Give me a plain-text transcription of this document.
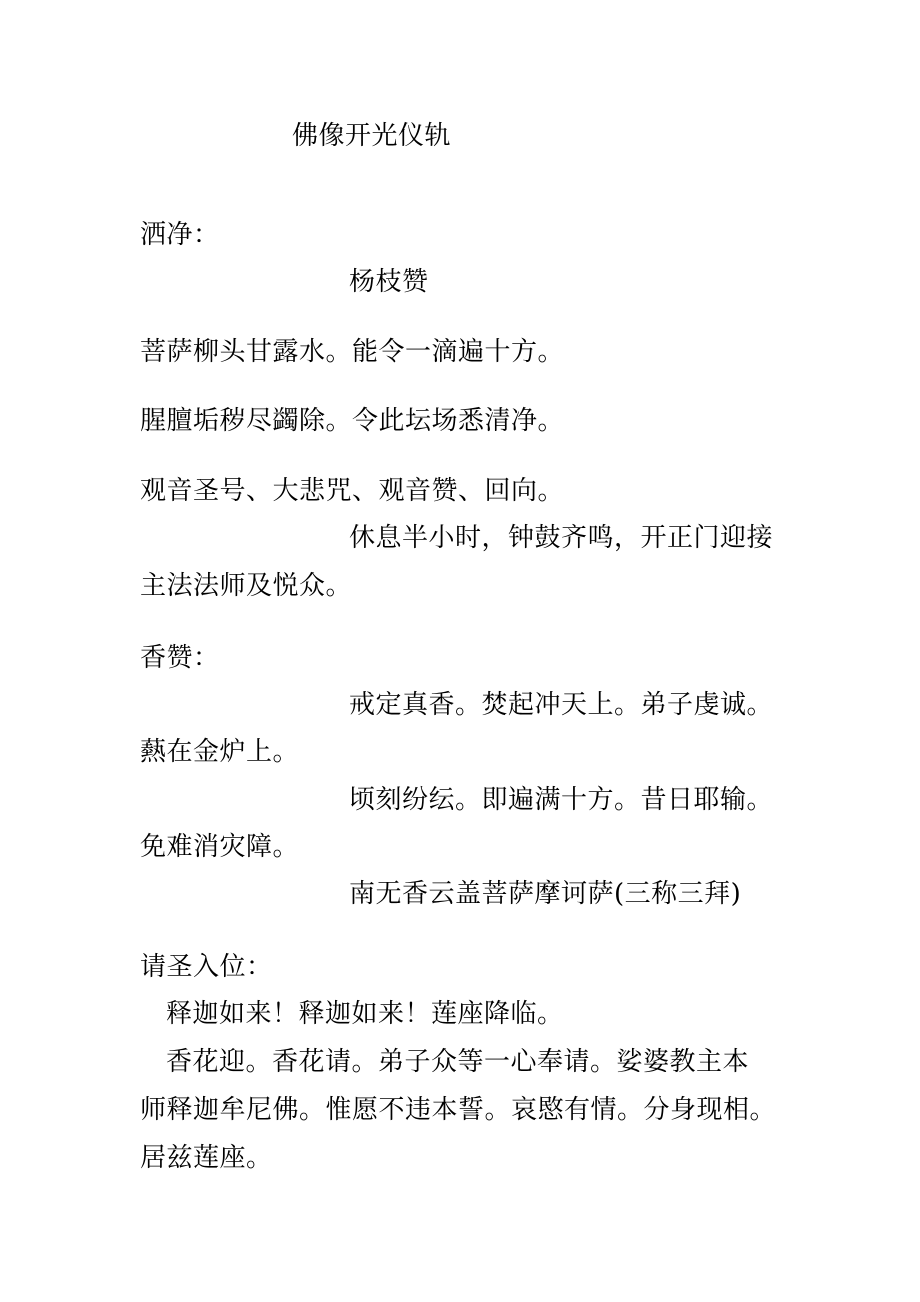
佛像开光仪轨
洒净：
杨枝赞
菩萨柳头甘露水。能令一滴遍十方。
腥膻垢秽尽蠲除。令此坛场悉清净。
观音圣号、大悲咒、观音赞、回向。
休息半小时，钟鼓齐鸣，开正门迎接
主法法师及悦众。
香赞：
戒定真香。焚起冲天上。弟子虔诚。
爇在金炉上。
顷刻纷纭。即遍满十方。昔日耶输。
免难消灾障。
南无香云盖菩萨摩诃萨(三称三拜)
请圣入位：
释迦如来！释迦如来！莲座降临。
香花迎。香花请。弟子众等一心奉请。娑婆教主本
师释迦牟尼佛。惟愿不违本誓。哀愍有情。分身现相。
居兹莲座。
